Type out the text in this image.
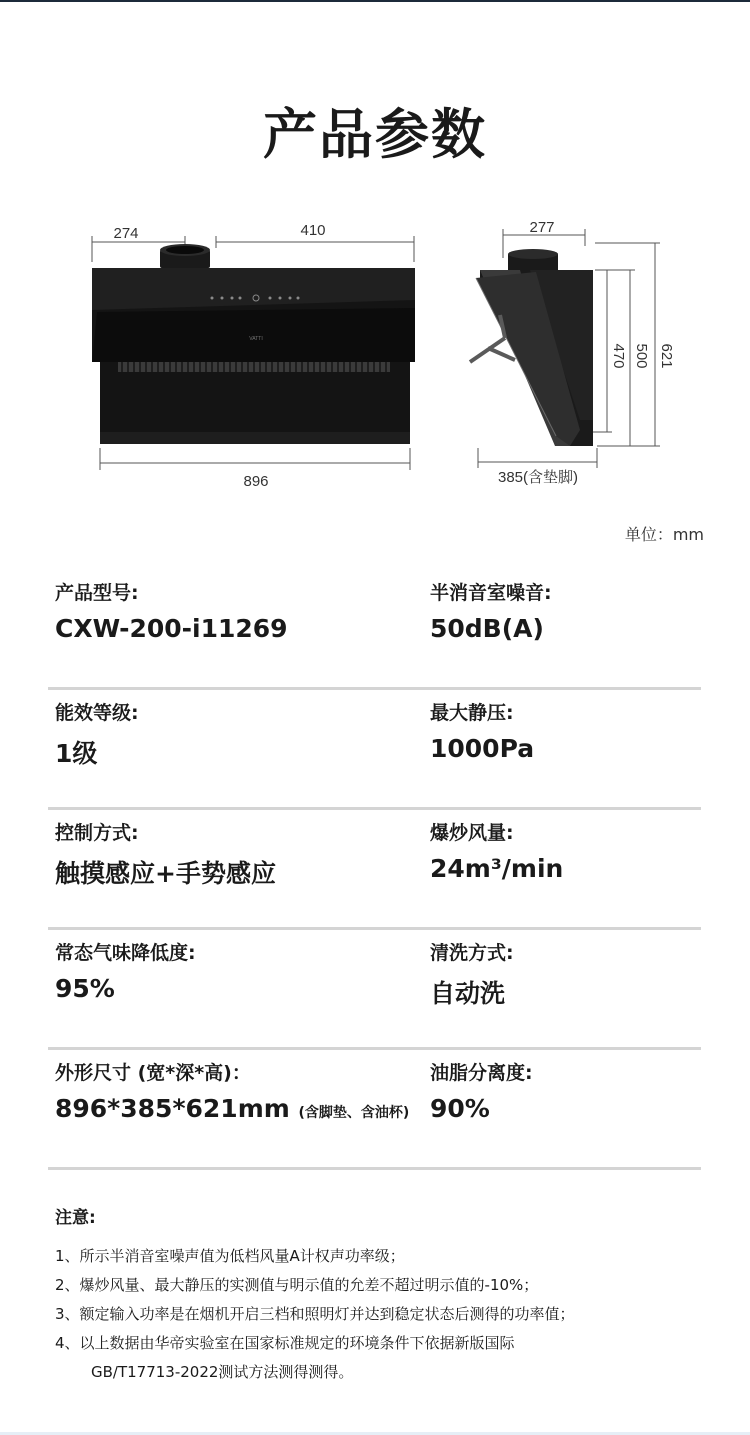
产品参数
274	410
896
VATTI
277
470 500 621
385(含垫脚)
单位：mm
产品型号:
CXW-200-i11269
半消音室噪音:
50dB(A)
能效等级:
1级
最大静压:
1000Pa
控制方式:
触摸感应+手势感应
爆炒风量:
24m³/min
常态气味降低度:
95%
清洗方式:
自动洗
外形尺寸 (宽*深*高)：
896*385*621mm (含脚垫、含油杯)
油脂分离度:
90%
注意:
1、所示半消音室噪声值为低档风量A计权声功率级；
2、爆炒风量、最大静压的实测值与明示值的允差不超过明示值的-10%；
3、额定输入功率是在烟机开启三档和照明灯并达到稳定状态后测得的功率值；
4、以上数据由华帝实验室在国家标准规定的环境条件下依据新版国际
GB/T17713-2022测试方法测得测得。
